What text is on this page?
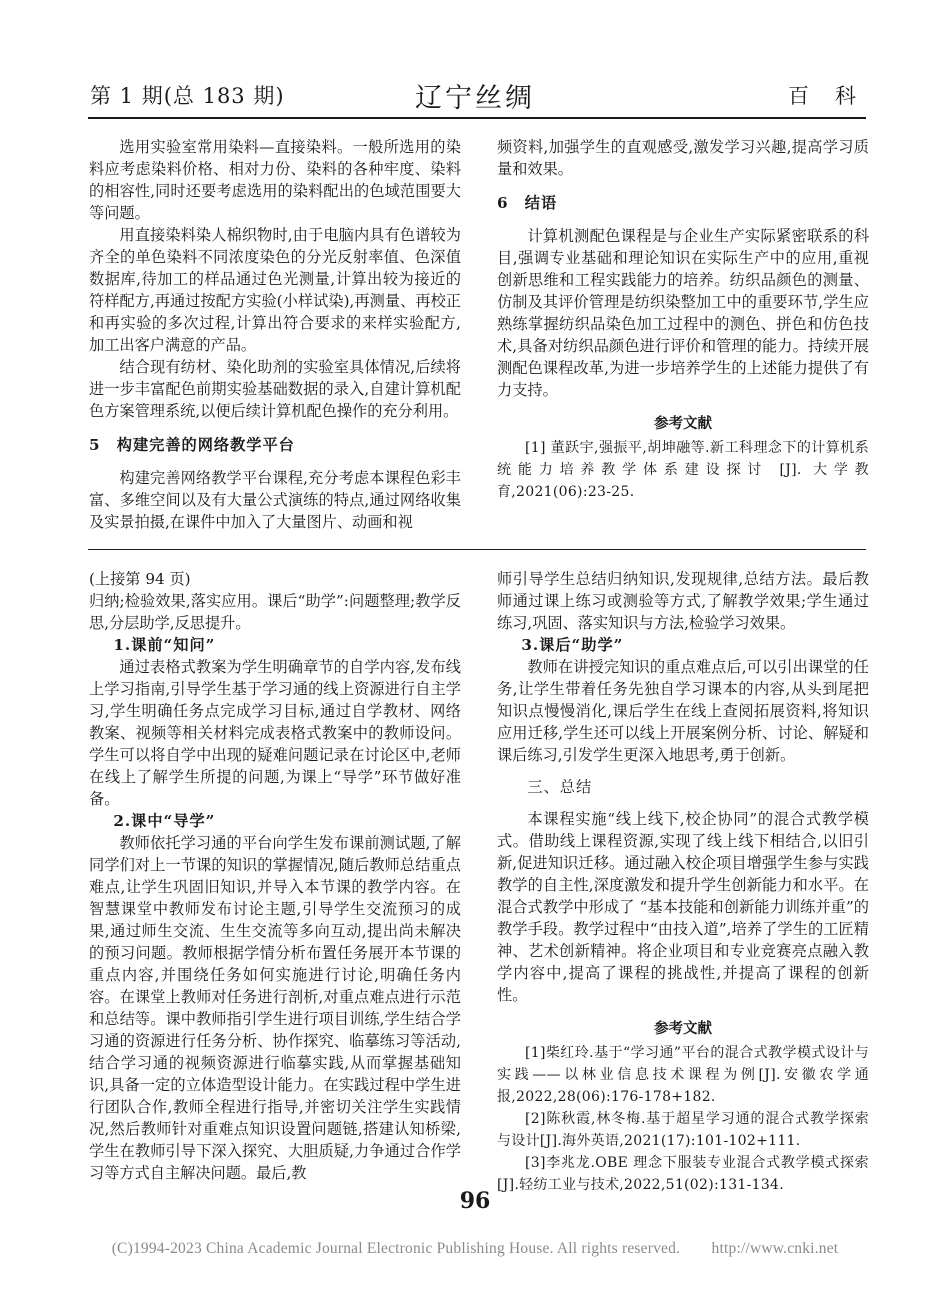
第 1 期(总 183 期)	辽宁丝绸	百科

选用实验室常用染料—直接染料。一般所选用的染料应考虑染料价格、相对力份、染料的各种牢度、染料的相容性,同时还要考虑选用的染料配出的色域范围要大等问题。

用直接染料染人棉织物时,由于电脑内具有色谱较为齐全的单色染料不同浓度染色的分光反射率值、色深值数据库,待加工的样品通过色光测量,计算出较为接近的符样配方,再通过按配方实验(小样试染),再测量、再校正和再实验的多次过程,计算出符合要求的来样实验配方,加工出客户满意的产品。

结合现有纺材、染化助剂的实验室具体情况,后续将进一步丰富配色前期实验基础数据的录入,自建计算机配色方案管理系统,以便后续计算机配色操作的充分利用。

5　构建完善的网络教学平台

构建完善网络教学平台课程,充分考虑本课程色彩丰富、多维空间以及有大量公式演练的特点,通过网络收集及实景拍摄,在课件中加入了大量图片、动画和视

频资料,加强学生的直观感受,激发学习兴趣,提高学习质量和效果。

6　结语

计算机测配色课程是与企业生产实际紧密联系的科目,强调专业基础和理论知识在实际生产中的应用,重视创新思维和工程实践能力的培养。纺织品颜色的测量、仿制及其评价管理是纺织染整加工中的重要环节,学生应熟练掌握纺织品染色加工过程中的测色、拼色和仿色技术,具备对纺织品颜色进行评价和管理的能力。持续开展测配色课程改革,为进一步培养学生的上述能力提供了有力支持。

参考文献

[1] 董跃宇,强振平,胡坤融等.新工科理念下的计算机系统能力培养教学体系建设探讨 [J]. 大学教育,2021(06):23-25.

(上接第 94 页)

归纳;检验效果,落实应用。课后“助学”:问题整理;教学反思,分层助学,反思提升。

1.课前“知问”

通过表格式教案为学生明确章节的自学内容,发布线上学习指南,引导学生基于学习通的线上资源进行自主学习,学生明确任务点完成学习目标,通过自学教材、网络教案、视频等相关材料完成表格式教案中的教师设问。学生可以将自学中出现的疑难问题记录在讨论区中,老师在线上了解学生所提的问题,为课上“导学”环节做好准备。

2.课中“导学”

教师依托学习通的平台向学生发布课前测试题,了解同学们对上一节课的知识的掌握情况,随后教师总结重点难点,让学生巩固旧知识,并导入本节课的教学内容。在智慧课堂中教师发布讨论主题,引导学生交流预习的成果,通过师生交流、生生交流等多向互动,提出尚未解决的预习问题。教师根据学情分析布置任务展开本节课的重点内容,并围绕任务如何实施进行讨论,明确任务内容。在课堂上教师对任务进行剖析,对重点难点进行示范和总结等。课中教师指引学生进行项目训练,学生结合学习通的资源进行任务分析、协作探究、临摹练习等活动, 结合学习通的视频资源进行临摹实践,从而掌握基础知识,具备一定的立体造型设计能力。在实践过程中学生进行团队合作,教师全程进行指导,并密切关注学生实践情况,然后教师针对重难点知识设置问题链,搭建认知桥梁,学生在教师引导下深入探究、大胆质疑,力争通过合作学习等方式自主解决问题。最后,教

师引导学生总结归纳知识,发现规律,总结方法。最后教师通过课上练习或测验等方式,了解教学效果;学生通过练习,巩固、落实知识与方法,检验学习效果。

3.课后“助学”

教师在讲授完知识的重点难点后,可以引出课堂的任务,让学生带着任务先独自学习课本的内容,从头到尾把知识点慢慢消化,课后学生在线上查阅拓展资料,将知识应用迁移,学生还可以线上开展案例分析、讨论、解疑和课后练习,引发学生更深入地思考,勇于创新。

三、总结

本课程实施“线上线下,校企协同”的混合式教学模式。借助线上课程资源,实现了线上线下相结合,以旧引新,促进知识迁移。通过融入校企项目增强学生参与实践教学的自主性,深度激发和提升学生创新能力和水平。在混合式教学中形成了 “基本技能和创新能力训练并重”的教学手段。教学过程中“由技入道”,培养了学生的工匠精神、艺术创新精神。将企业项目和专业竞赛亮点融入教学内容中,提高了课程的挑战性,并提高了课程的创新性。

参考文献

[1]柴红玲.基于“学习通”平台的混合式教学模式设计与实践——以林业信息技术课程为例[J].安徽农学通报,2022,28(06):176-178+182.

[2]陈秋霞,林冬梅.基于超星学习通的混合式教学探索与设计[J].海外英语,2021(17):101-102+111.

[3]李兆龙.OBE 理念下服装专业混合式教学模式探索[J].轻纺工业与技术,2022,51(02):131-134.

96
(C)1994-2023 China Academic Journal Electronic Publishing House. All rights reserved.　　http://www.cnki.net
